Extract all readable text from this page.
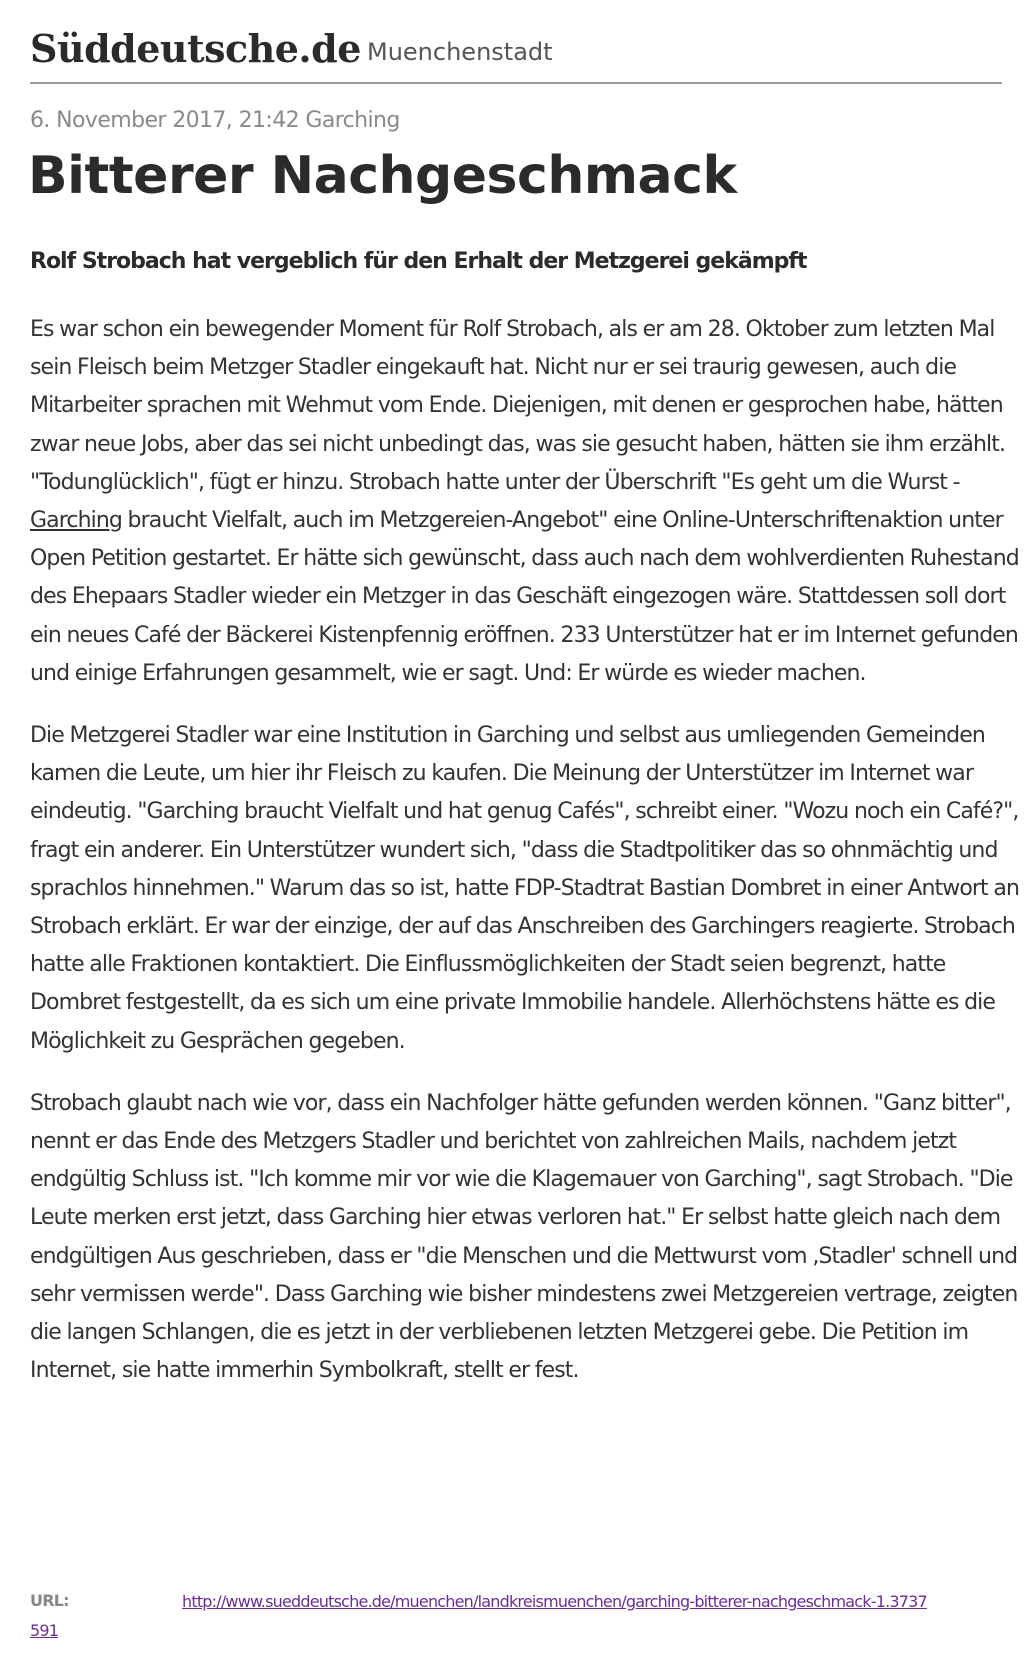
Süddeutsche.de Muenchenstadt
6. November 2017, 21:42 Garching
Bitterer Nachgeschmack
Rolf Strobach hat vergeblich für den Erhalt der Metzgerei gekämpft

Es war schon ein bewegender Moment für Rolf Strobach, als er am 28. Oktober zum letzten Mal sein Fleisch beim Metzger Stadler eingekauft hat. Nicht nur er sei traurig gewesen, auch die Mitarbeiter sprachen mit Wehmut vom Ende. Diejenigen, mit denen er gesprochen habe, hätten zwar neue Jobs, aber das sei nicht unbedingt das, was sie gesucht haben, hätten sie ihm erzählt. "Todunglücklich", fügt er hinzu. Strobach hatte unter der Überschrift "Es geht um die Wurst - Garching braucht Vielfalt, auch im Metzgereien-Angebot" eine Online-Unterschriftenaktion unter Open Petition gestartet. Er hätte sich gewünscht, dass auch nach dem wohlverdienten Ruhestand des Ehepaars Stadler wieder ein Metzger in das Geschäft eingezogen wäre. Stattdessen soll dort ein neues Café der Bäckerei Kistenpfennig eröffnen. 233 Unterstützer hat er im Internet gefunden und einige Erfahrungen gesammelt, wie er sagt. Und: Er würde es wieder machen.

Die Metzgerei Stadler war eine Institution in Garching und selbst aus umliegenden Gemeinden kamen die Leute, um hier ihr Fleisch zu kaufen. Die Meinung der Unterstützer im Internet war eindeutig. "Garching braucht Vielfalt und hat genug Cafés", schreibt einer. "Wozu noch ein Café?", fragt ein anderer. Ein Unterstützer wundert sich, "dass die Stadtpolitiker das so ohnmächtig und sprachlos hinnehmen." Warum das so ist, hatte FDP-Stadtrat Bastian Dombret in einer Antwort an Strobach erklärt. Er war der einzige, der auf das Anschreiben des Garchingers reagierte. Strobach hatte alle Fraktionen kontaktiert. Die Einflussmöglichkeiten der Stadt seien begrenzt, hatte Dombret festgestellt, da es sich um eine private Immobilie handele. Allerhöchstens hätte es die Möglichkeit zu Gesprächen gegeben.

Strobach glaubt nach wie vor, dass ein Nachfolger hätte gefunden werden können. "Ganz bitter", nennt er das Ende des Metzgers Stadler und berichtet von zahlreichen Mails, nachdem jetzt endgültig Schluss ist. "Ich komme mir vor wie die Klagemauer von Garching", sagt Strobach. "Die Leute merken erst jetzt, dass Garching hier etwas verloren hat." Er selbst hatte gleich nach dem endgültigen Aus geschrieben, dass er "die Menschen und die Mettwurst vom ‚Stadler' schnell und sehr vermissen werde". Dass Garching wie bisher mindestens zwei Metzgereien vertrage, zeigten die langen Schlangen, die es jetzt in der verbliebenen letzten Metzgerei gebe. Die Petition im Internet, sie hatte immerhin Symbolkraft, stellt er fest.

URL:	http://www.sueddeutsche.de/muenchen/landkreismuenchen/garching-bitterer-nachgeschmack-1.3737591
